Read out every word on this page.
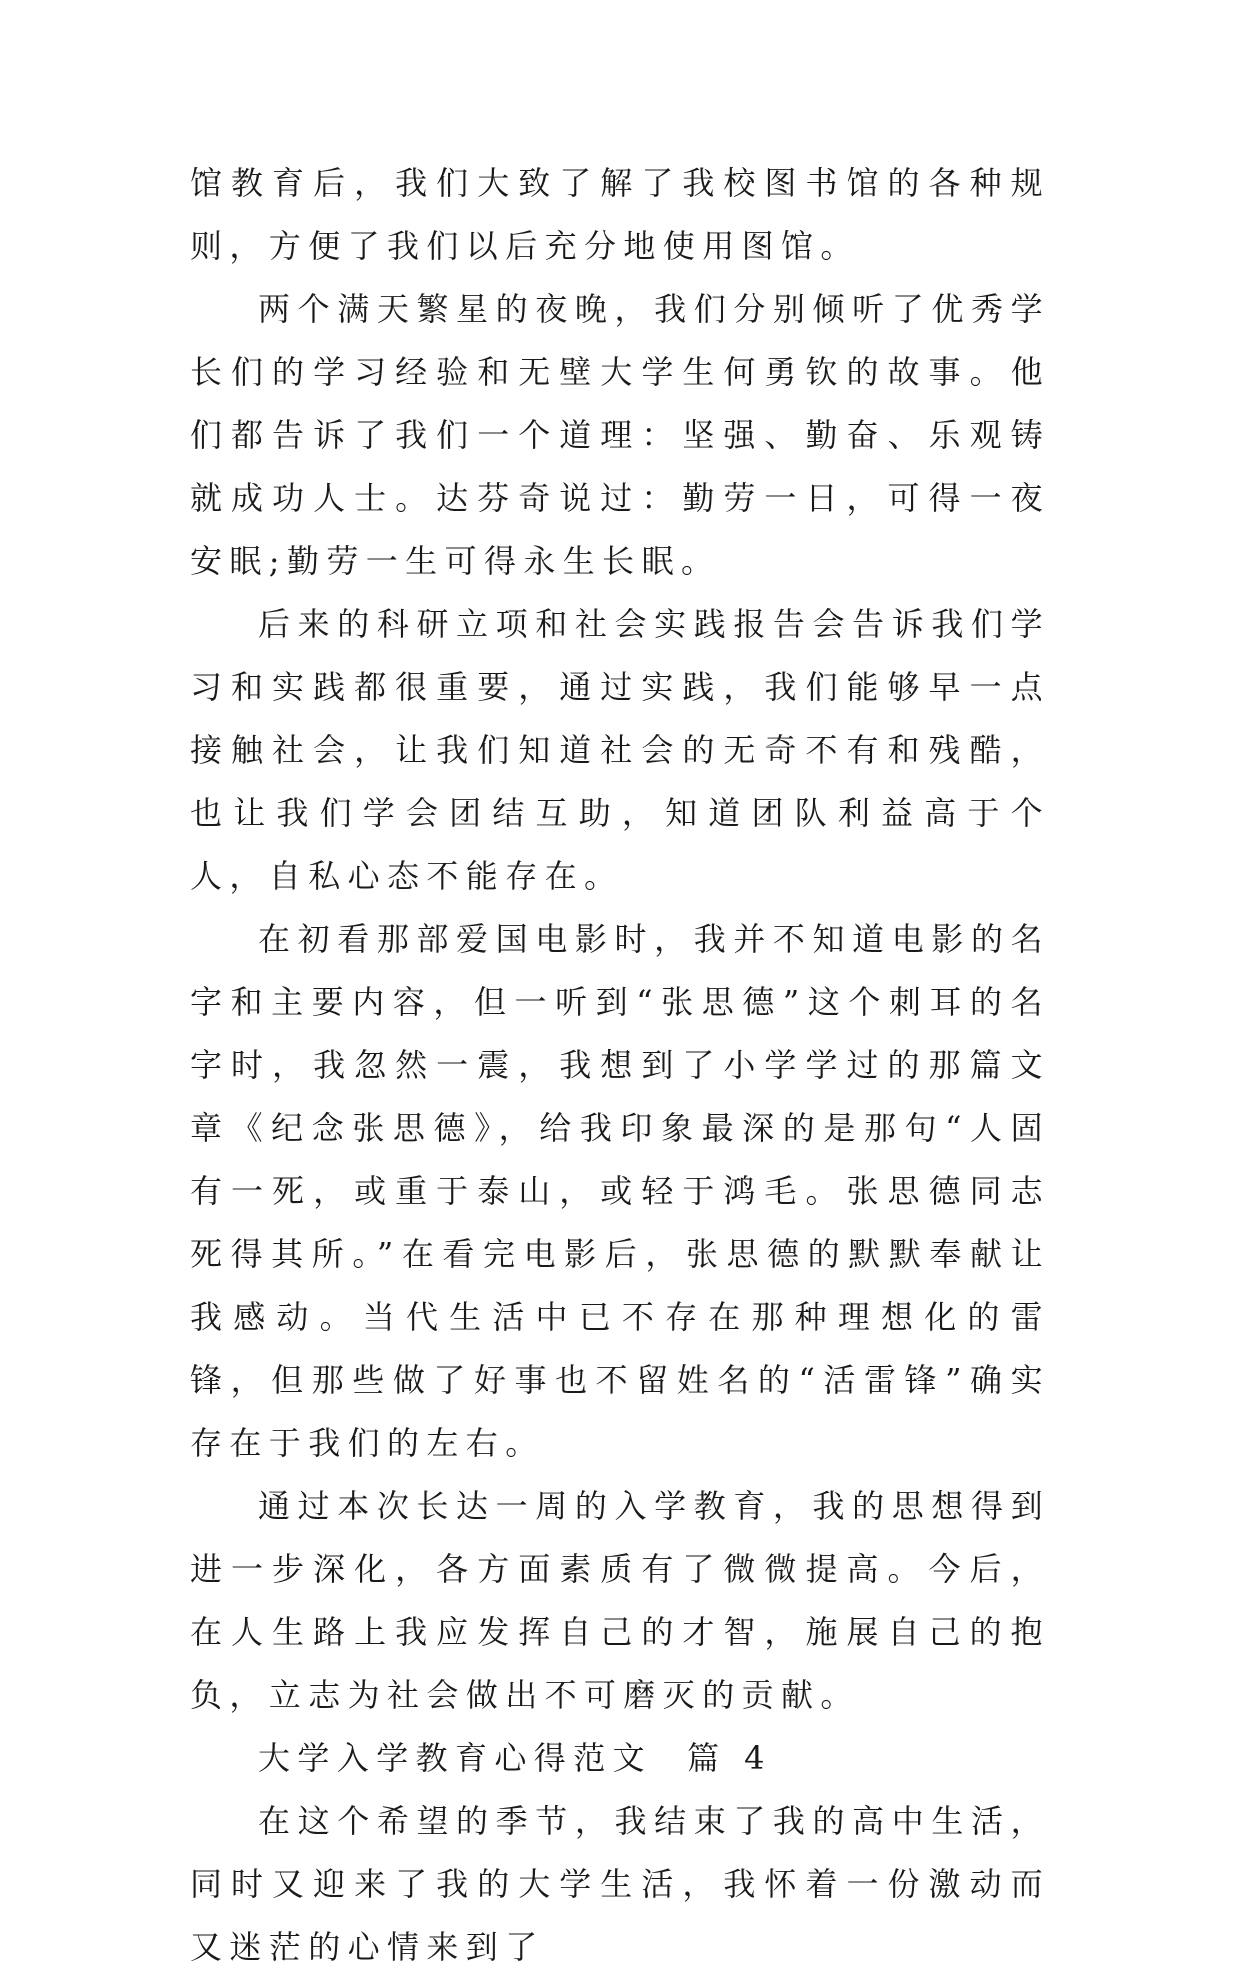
馆教育后，我们大致了解了我校图书馆的各种规则，方便了我们以后充分地使用图馆。

两个满天繁星的夜晚，我们分别倾听了优秀学长们的学习经验和无壁大学生何勇钦的故事。他们都告诉了我们一个道理：坚强、勤奋、乐观铸就成功人士。达芬奇说过：勤劳一日，可得一夜安眠;勤劳一生可得永生长眠。

后来的科研立项和社会实践报告会告诉我们学习和实践都很重要，通过实践，我们能够早一点接触社会，让我们知道社会的无奇不有和残酷，也让我们学会团结互助，知道团队利益高于个人，自私心态不能存在。

在初看那部爱国电影时，我并不知道电影的名字和主要内容，但一听到“张思德”这个刺耳的名字时，我忽然一震，我想到了小学学过的那篇文章《纪念张思德》，给我印象最深的是那句“人固有一死，或重于泰山，或轻于鸿毛。张思德同志死得其所。”在看完电影后，张思德的默默奉献让我感动。当代生活中已不存在那种理想化的雷锋，但那些做了好事也不留姓名的“活雷锋”确实存在于我们的左右。

通过本次长达一周的入学教育，我的思想得到进一步深化，各方面素质有了微微提高。今后，在人生路上我应发挥自己的才智，施展自己的抱负，立志为社会做出不可磨灭的贡献。

大学入学教育心得范文  篇 4

在这个希望的季节，我结束了我的高中生活，同时又迎来了我的大学生活，我怀着一份激动而又迷茫的心情来到了
